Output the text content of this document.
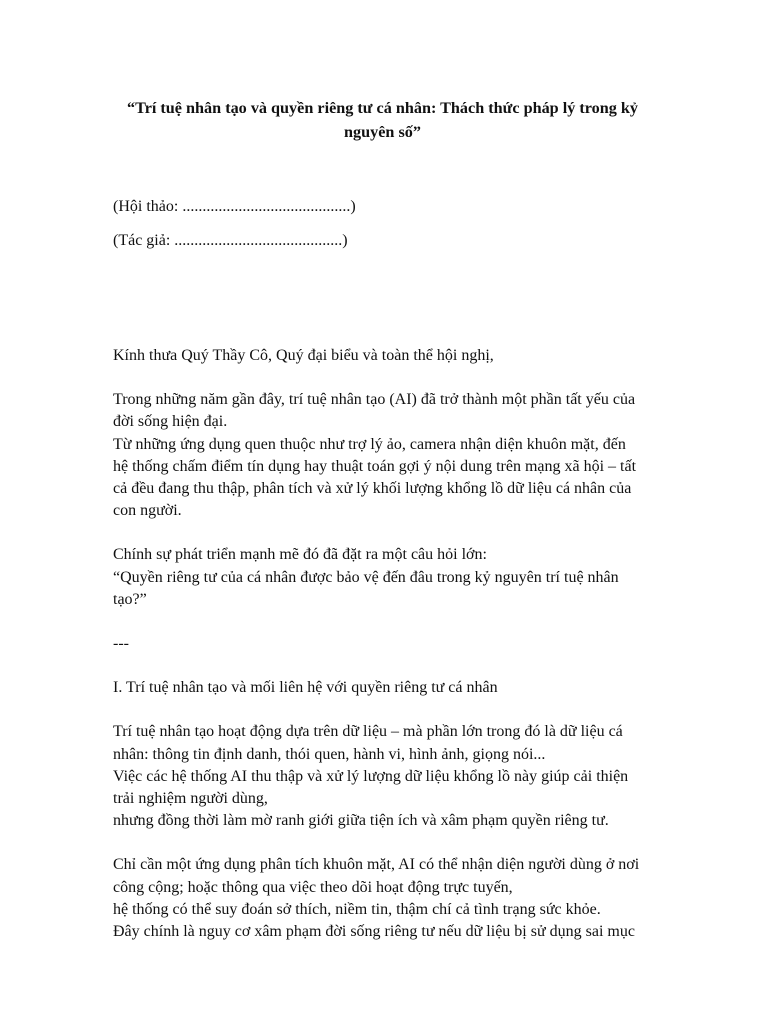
“Trí tuệ nhân tạo và quyền riêng tư cá nhân: Thách thức pháp lý trong kỷ
nguyên số”

(Hội thảo: ..........................................)

(Tác giả: ..........................................)

Kính thưa Quý Thầy Cô, Quý đại biểu và toàn thể hội nghị,

Trong những năm gần đây, trí tuệ nhân tạo (AI) đã trở thành một phần tất yếu của
đời sống hiện đại.
Từ những ứng dụng quen thuộc như trợ lý ảo, camera nhận diện khuôn mặt, đến
hệ thống chấm điểm tín dụng hay thuật toán gợi ý nội dung trên mạng xã hội – tất
cả đều đang thu thập, phân tích và xử lý khối lượng khổng lồ dữ liệu cá nhân của
con người.

Chính sự phát triển mạnh mẽ đó đã đặt ra một câu hỏi lớn:
“Quyền riêng tư của cá nhân được bảo vệ đến đâu trong kỷ nguyên trí tuệ nhân
tạo?”

---

I. Trí tuệ nhân tạo và mối liên hệ với quyền riêng tư cá nhân

Trí tuệ nhân tạo hoạt động dựa trên dữ liệu – mà phần lớn trong đó là dữ liệu cá
nhân: thông tin định danh, thói quen, hành vi, hình ảnh, giọng nói...
Việc các hệ thống AI thu thập và xử lý lượng dữ liệu khổng lồ này giúp cải thiện
trải nghiệm người dùng,
nhưng đồng thời làm mờ ranh giới giữa tiện ích và xâm phạm quyền riêng tư.

Chỉ cần một ứng dụng phân tích khuôn mặt, AI có thể nhận diện người dùng ở nơi
công cộng; hoặc thông qua việc theo dõi hoạt động trực tuyến,
hệ thống có thể suy đoán sở thích, niềm tin, thậm chí cả tình trạng sức khỏe.
Đây chính là nguy cơ xâm phạm đời sống riêng tư nếu dữ liệu bị sử dụng sai mục
